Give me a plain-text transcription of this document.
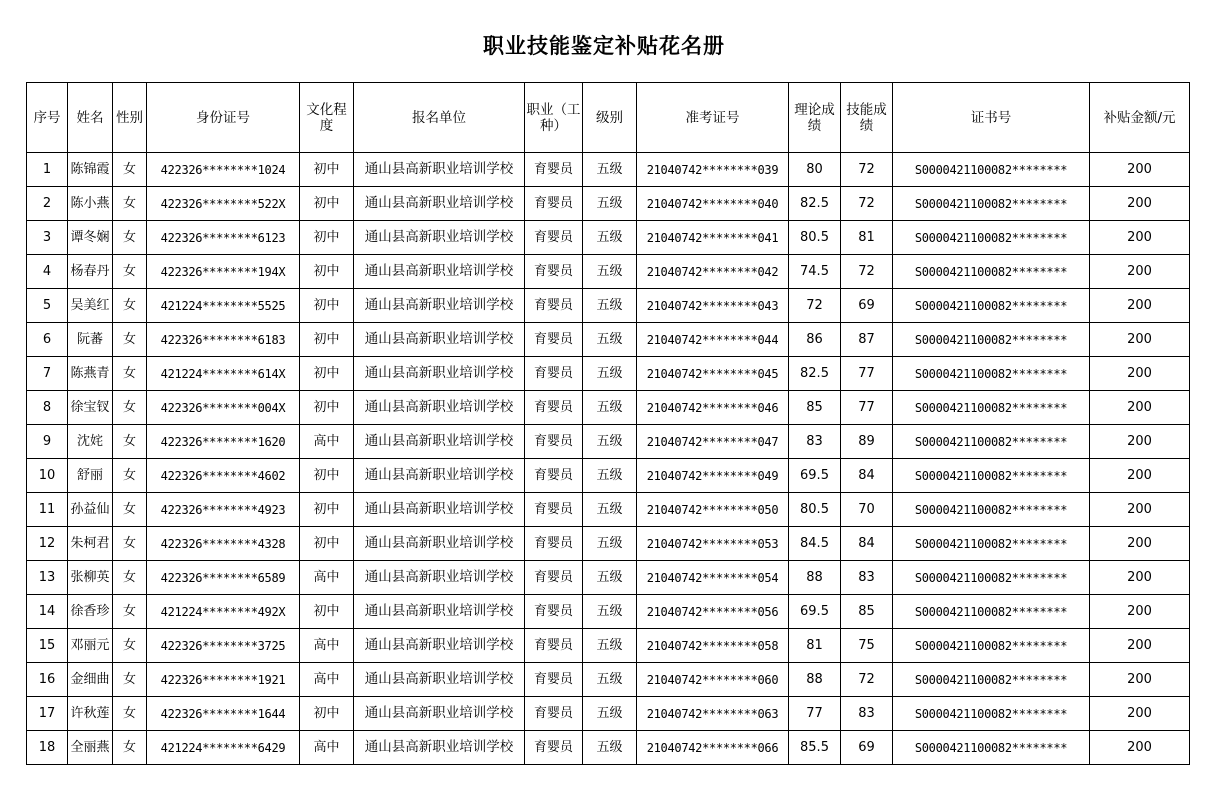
职业技能鉴定补贴花名册
序号	姓名	性别	身份证号	文化程度	报名单位	职业（工种）	级别	准考证号	理论成绩	技能成绩	证书号	补贴金额/元
1	陈锦霞	女	422326********1024	初中	通山县高新职业培训学校	育婴员	五级	21040742********039	80	72	S0000421100082********	200
2	陈小燕	女	422326********522X	初中	通山县高新职业培训学校	育婴员	五级	21040742********040	82.5	72	S0000421100082********	200
3	谭冬娴	女	422326********6123	初中	通山县高新职业培训学校	育婴员	五级	21040742********041	80.5	81	S0000421100082********	200
4	杨春丹	女	422326********194X	初中	通山县高新职业培训学校	育婴员	五级	21040742********042	74.5	72	S0000421100082********	200
5	吴美红	女	421224********5525	初中	通山县高新职业培训学校	育婴员	五级	21040742********043	72	69	S0000421100082********	200
6	阮蕃	女	422326********6183	初中	通山县高新职业培训学校	育婴员	五级	21040742********044	86	87	S0000421100082********	200
7	陈燕青	女	421224********614X	初中	通山县高新职业培训学校	育婴员	五级	21040742********045	82.5	77	S0000421100082********	200
8	徐宝钗	女	422326********004X	初中	通山县高新职业培训学校	育婴员	五级	21040742********046	85	77	S0000421100082********	200
9	沈姹	女	422326********1620	高中	通山县高新职业培训学校	育婴员	五级	21040742********047	83	89	S0000421100082********	200
10	舒丽	女	422326********4602	初中	通山县高新职业培训学校	育婴员	五级	21040742********049	69.5	84	S0000421100082********	200
11	孙益仙	女	422326********4923	初中	通山县高新职业培训学校	育婴员	五级	21040742********050	80.5	70	S0000421100082********	200
12	朱柯君	女	422326********4328	初中	通山县高新职业培训学校	育婴员	五级	21040742********053	84.5	84	S0000421100082********	200
13	张柳英	女	422326********6589	高中	通山县高新职业培训学校	育婴员	五级	21040742********054	88	83	S0000421100082********	200
14	徐香珍	女	421224********492X	初中	通山县高新职业培训学校	育婴员	五级	21040742********056	69.5	85	S0000421100082********	200
15	邓丽元	女	422326********3725	高中	通山县高新职业培训学校	育婴员	五级	21040742********058	81	75	S0000421100082********	200
16	金细曲	女	422326********1921	高中	通山县高新职业培训学校	育婴员	五级	21040742********060	88	72	S0000421100082********	200
17	许秋莲	女	422326********1644	初中	通山县高新职业培训学校	育婴员	五级	21040742********063	77	83	S0000421100082********	200
18	全丽燕	女	421224********6429	高中	通山县高新职业培训学校	育婴员	五级	21040742********066	85.5	69	S0000421100082********	200
